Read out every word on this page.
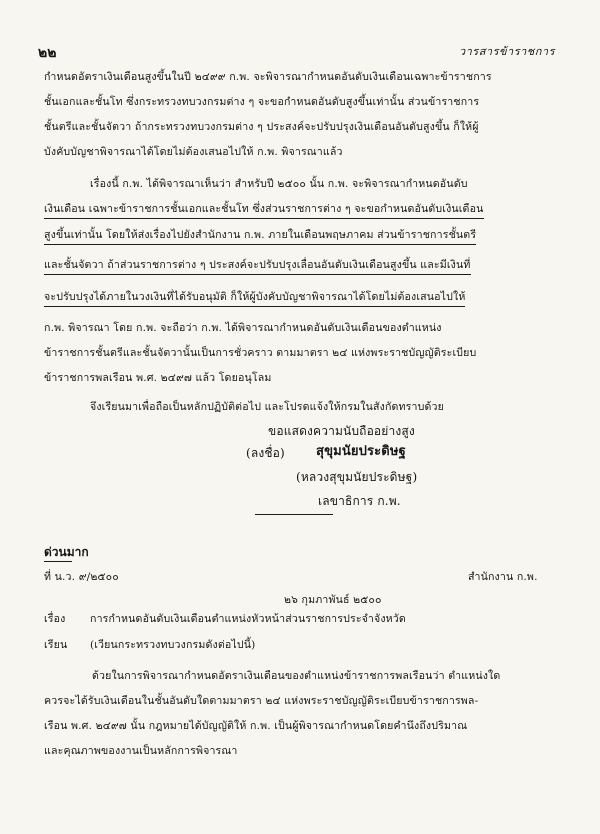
๒๒	วารสารข้าราชการ
กำหนดอัตราเงินเดือนสูงขึ้นในปี ๒๔๙๙ ก.พ. จะพิจารณากำหนดอันดับเงินเดือนเฉพาะข้าราชการ
ชั้นเอกและชั้นโท ซึ่งกระทรวงทบวงกรมต่าง ๆ จะขอกำหนดอันดับสูงขึ้นเท่านั้น ส่วนข้าราชการ
ชั้นตรีและชั้นจัตวา ถ้ากระทรวงทบวงกรมต่าง ๆ ประสงค์จะปรับปรุงเงินเดือนอันดับสูงขึ้น ก็ให้ผู้
บังคับบัญชาพิจารณาได้โดยไม่ต้องเสนอไปให้ ก.พ. พิจารณาแล้ว
เรื่องนี้ ก.พ. ได้พิจารณาเห็นว่า สำหรับปี ๒๕๐๐ นั้น ก.พ. จะพิจารณากำหนดอันดับ
เงินเดือน เฉพาะข้าราชการชั้นเอกและชั้นโท ซึ่งส่วนราชการต่าง ๆ จะขอกำหนดอันดับเงินเดือน
สูงขึ้นเท่านั้น โดยให้ส่งเรื่องไปยังสำนักงาน ก.พ. ภายในเดือนพฤษภาคม ส่วนข้าราชการชั้นตรี
และชั้นจัตวา ถ้าส่วนราชการต่าง ๆ ประสงค์จะปรับปรุงเลื่อนอันดับเงินเดือนสูงขึ้น และมีเงินที่
จะปรับปรุงได้ภายในวงเงินที่ได้รับอนุมัติ ก็ให้ผู้บังคับบัญชาพิจารณาได้โดยไม่ต้องเสนอไปให้
ก.พ. พิจารณา โดย ก.พ. จะถือว่า ก.พ. ได้พิจารณากำหนดอันดับเงินเดือนของตำแหน่ง
ข้าราชการชั้นตรีและชั้นจัตวานั้นเป็นการชั่วคราว ตามมาตรา ๒๔ แห่งพระราชบัญญัติระเบียบ
ข้าราชการพลเรือน พ.ศ. ๒๔๙๗ แล้ว โดยอนุโลม
จึงเรียนมาเพื่อถือเป็นหลักปฏิบัติต่อไป และโปรดแจ้งให้กรมในสังกัดทราบด้วย
ขอแสดงความนับถืออย่างสูง
(ลงชื่อ) สุขุมนัยประดิษฐ
(หลวงสุขุมนัยประดิษฐ)
เลขาธิการ ก.พ.
ด่วนมาก
ที่ น.ว. ๙/๒๕๐๐	สำนักงาน ก.พ.
๒๖ กุมภาพันธ์ ๒๕๐๐
เรื่อง การกำหนดอันดับเงินเดือนตำแหน่งหัวหน้าส่วนราชการประจำจังหวัด
เรียน (เวียนกระทรวงทบวงกรมดังต่อไปนี้)
ด้วยในการพิจารณากำหนดอัตราเงินเดือนของตำแหน่งข้าราชการพลเรือนว่า ตำแหน่งใด
ควรจะได้รับเงินเดือนในชั้นอันดับใดตามมาตรา ๒๔ แห่งพระราชบัญญัติระเบียบข้าราชการพล-
เรือน พ.ศ. ๒๔๙๗ นั้น กฎหมายได้บัญญัติให้ ก.พ. เป็นผู้พิจารณากำหนดโดยคำนึงถึงปริมาณ
และคุณภาพของงานเป็นหลักการพิจารณา
